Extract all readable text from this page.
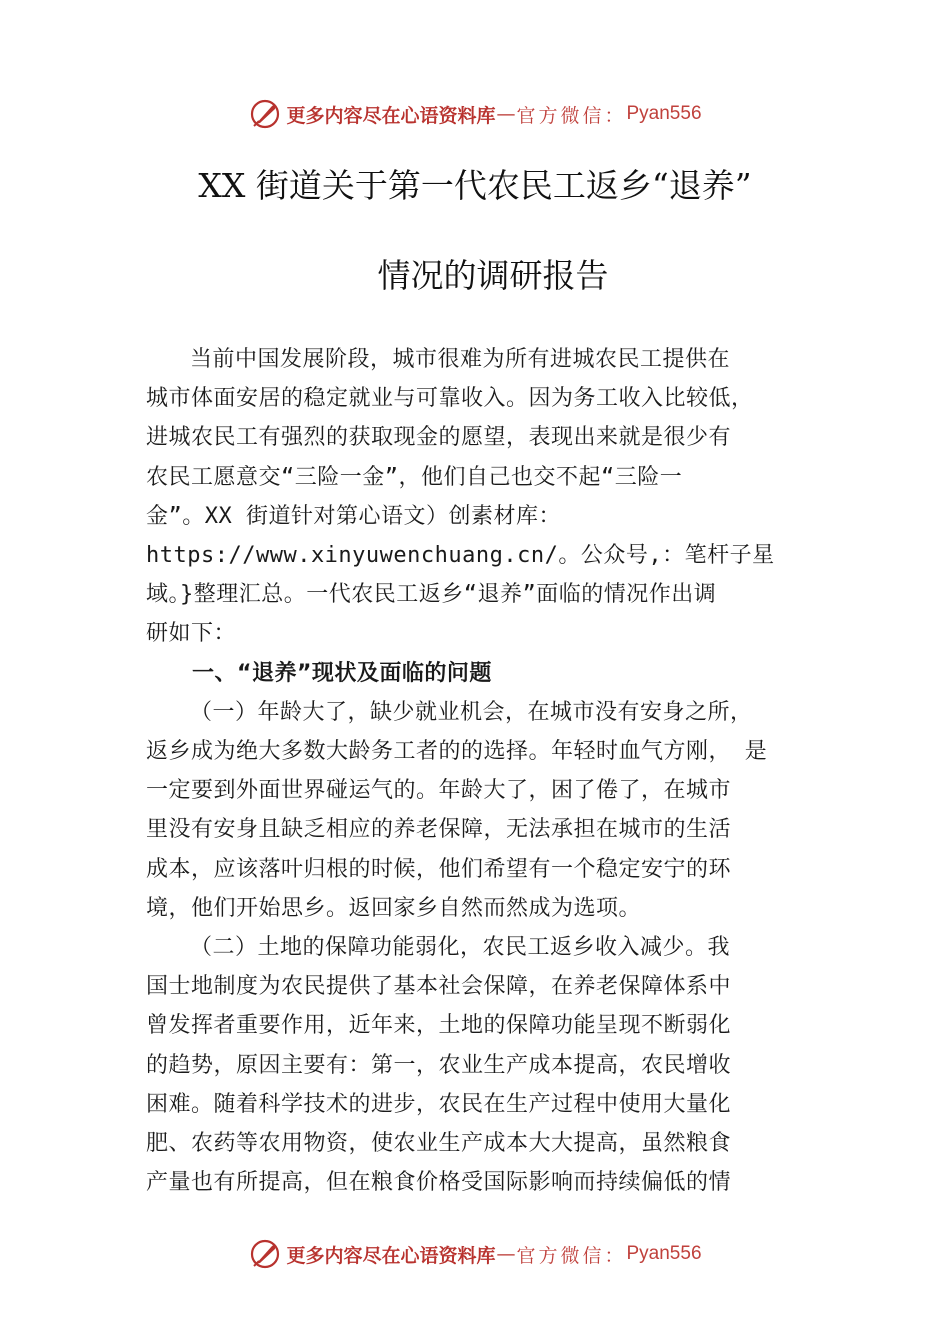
更多内容尽在心语资料库 — 官方微信： Pyan556
XX 街道关于第一代农民工返乡“退养”
情况的调研报告

当前中国发展阶段，城市很难为所有进城农民工提供在
城市体面安居的稳定就业与可靠收入。因为务工收入比较低，
进城农民工有强烈的获取现金的愿望，表现出来就是很少有
农民工愿意交“三险一金”，他们自己也交不起“三险一
金”。XX 街道针对第心语文）创素材库：
https://www.xinyuwenchuang.cn/。公众号,：笔杆子星
域。}整理汇总。一代农民工返乡“退养”面临的情况作出调
研如下：

一、“退养”现状及面临的问题

（一）年龄大了，缺少就业机会，在城市没有安身之所，
返乡成为绝大多数大龄务工者的的选择。年轻时血气方刚， 是
一定要到外面世界碰运气的。年龄大了，困了倦了，在城市
里没有安身且缺乏相应的养老保障，无法承担在城市的生活
成本，应该落叶归根的时候，他们希望有一个稳定安宁的环
境，他们开始思乡。返回家乡自然而然成为选项。

（二）土地的保障功能弱化，农民工返乡收入减少。我
国士地制度为农民提供了基本社会保障，在养老保障体系中
曾发挥者重要作用，近年来，土地的保障功能呈现不断弱化
的趋势，原因主要有：第一，农业生产成本提高，农民增收
困难。随着科学技术的进步，农民在生产过程中使用大量化
肥、农药等农用物资，使农业生产成本大大提高，虽然粮食
产量也有所提高，但在粮食价格受国际影响而持续偏低的情

更多内容尽在心语资料库 — 官方微信： Pyan556
